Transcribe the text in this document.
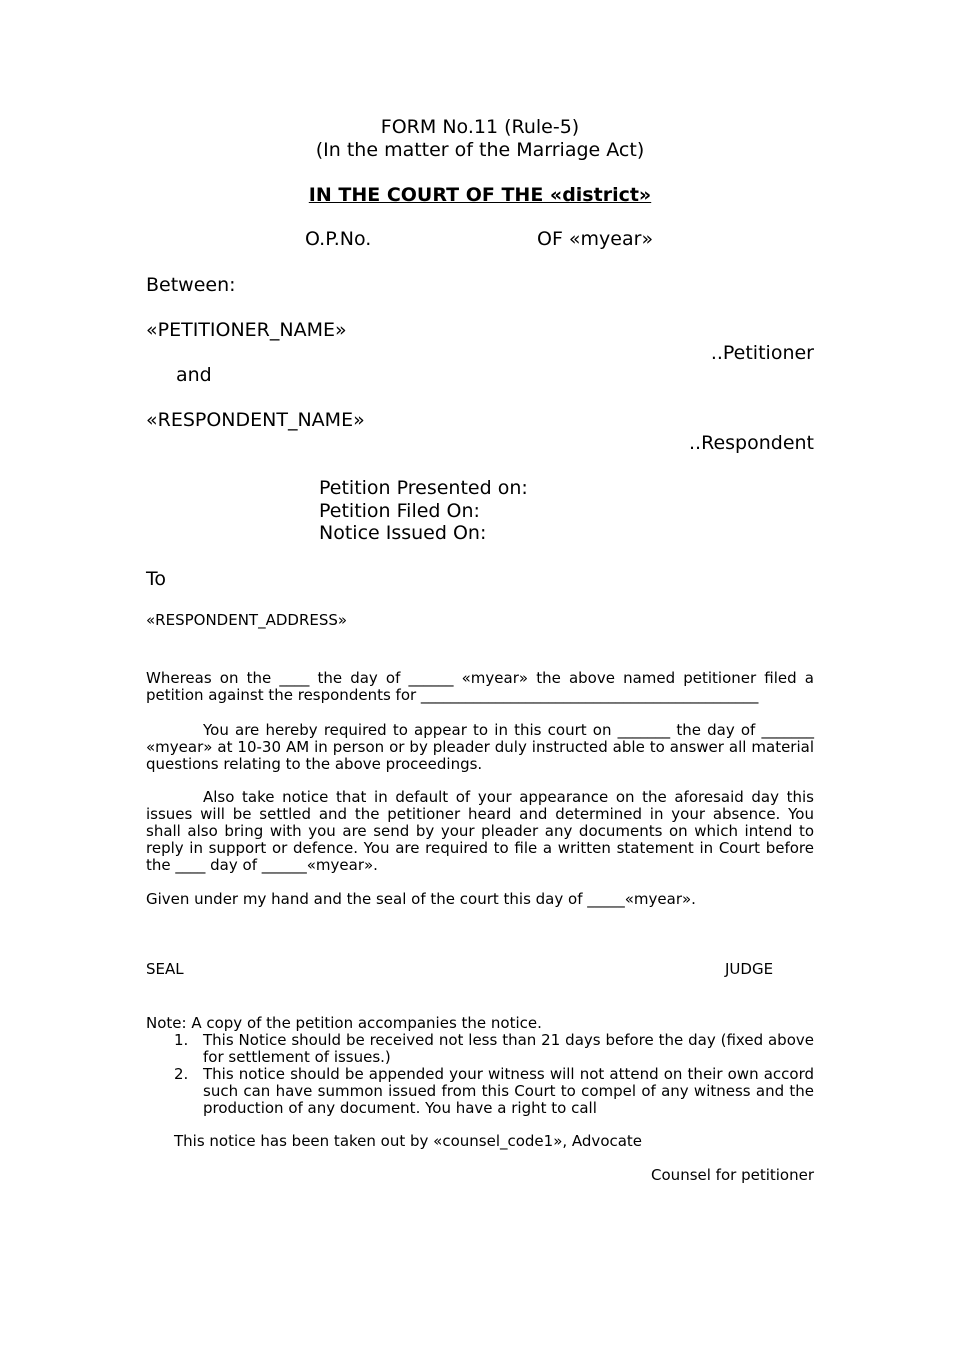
FORM No.11 (Rule-5)
(In the matter of the Marriage Act)
IN THE COURT OF THE «district»
O.P.No.	OF «myear»
Between:
«PETITIONER_NAME»
..Petitioner
and
«RESPONDENT_NAME»
..Respondent
Petition Presented on:
Petition Filed On:
Notice Issued On:
To
«RESPONDENT_ADDRESS»
Whereas on the ____ the day of ______ «myear» the above named petitioner filed a petition against the respondents for _____________________________________________
You are hereby required to appear to in this court on _______ the day of _______ «myear» at 10-30 AM in person or by pleader duly instructed able to answer all material questions relating to the above proceedings.
Also take notice that in default of your appearance on the aforesaid day this issues will be settled and the petitioner heard and determined in your absence. You shall also bring with you are send by your pleader any documents on which intend to reply in support or defence. You are required to file a written statement in Court before the ____ day of ______«myear».
Given under my hand and the seal of the court this day of _____«myear».
SEAL	JUDGE
Note: A copy of the petition accompanies the notice.
1. This Notice should be received not less than 21 days before the day (fixed above for settlement of issues.)
2. This notice should be appended your witness will not attend on their own accord such can have summon issued from this Court to compel of any witness and the production of any document. You have a right to call
This notice has been taken out by «counsel_code1», Advocate
Counsel for petitioner
